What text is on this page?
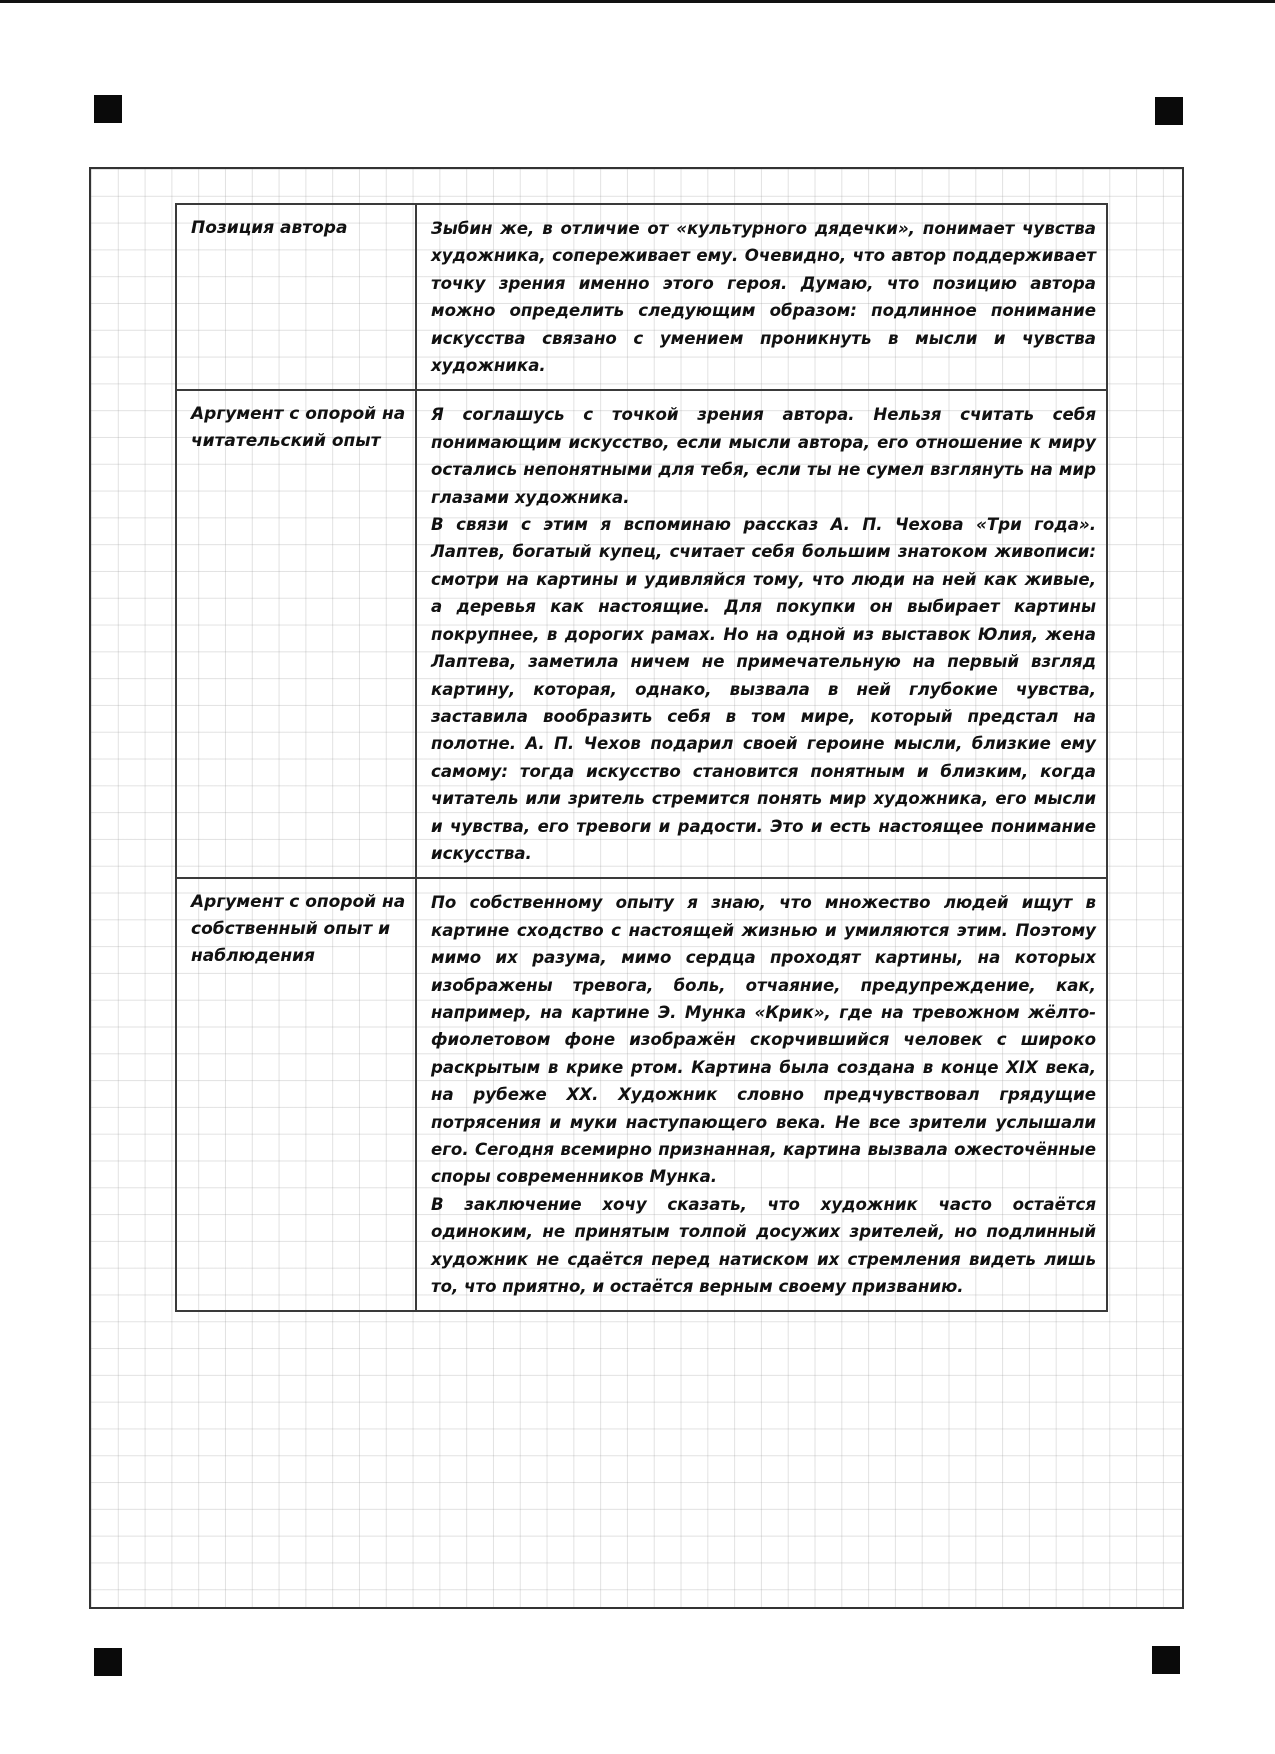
Позиция автора	Зыбин же, в отличие от «культурного дядечки», понимает чувства художника, сопереживает ему. Очевидно, что автор поддерживает точку зрения именно этого героя. Думаю, что позицию автора можно определить следующим образом: подлинное понимание искусства связано с умением проникнуть в мысли и чувства художника.

Аргумент с опорой на читательский опыт	Я соглашусь с точкой зрения автора. Нельзя считать себя понимающим искусство, если мысли автора, его отношение к миру остались непонятными для тебя, если ты не сумел взглянуть на мир глазами художника.

В связи с этим я вспоминаю рассказ А. П. Чехова «Три года». Лаптев, богатый купец, считает себя большим знатоком живописи: смотри на картины и удивляйся тому, что люди на ней как живые, а деревья как настоящие. Для покупки он выбирает картины покрупнее, в дорогих рамах. Но на одной из выставок Юлия, жена Лаптева, заметила ничем не примечательную на первый взгляд картину, которая, однако, вызвала в ней глубокие чувства, заставила вообразить себя в том мире, который предстал на полотне. А. П. Чехов подарил своей героине мысли, близкие ему самому: тогда искусство становится понятным и близким, когда читатель или зритель стремится понять мир художника, его мысли и чувства, его тревоги и радости. Это и есть настоящее понимание искусства.

Аргумент с опорой на собственный опыт и наблюдения	По собственному опыту я знаю, что множество людей ищут в картине сходство с настоящей жизнью и умиляются этим. Поэтому мимо их разума, мимо сердца проходят картины, на которых изображены тревога, боль, отчаяние, предупреждение, как, например, на картине Э. Мунка «Крик», где на тревожном жёлто-фиолетовом фоне изображён скорчившийся человек с широко раскрытым в крике ртом. Картина была создана в конце XIX века, на рубеже XX. Художник словно предчувствовал грядущие потрясения и муки наступающего века. Не все зрители услышали его. Сегодня всемирно признанная, картина вызвала ожесточённые споры современников Мунка.

В заключение хочу сказать, что художник часто остаётся одиноким, не принятым толпой досужих зрителей, но подлинный художник не сдаётся перед натиском их стремления видеть лишь то, что приятно, и остаётся верным своему призванию.
